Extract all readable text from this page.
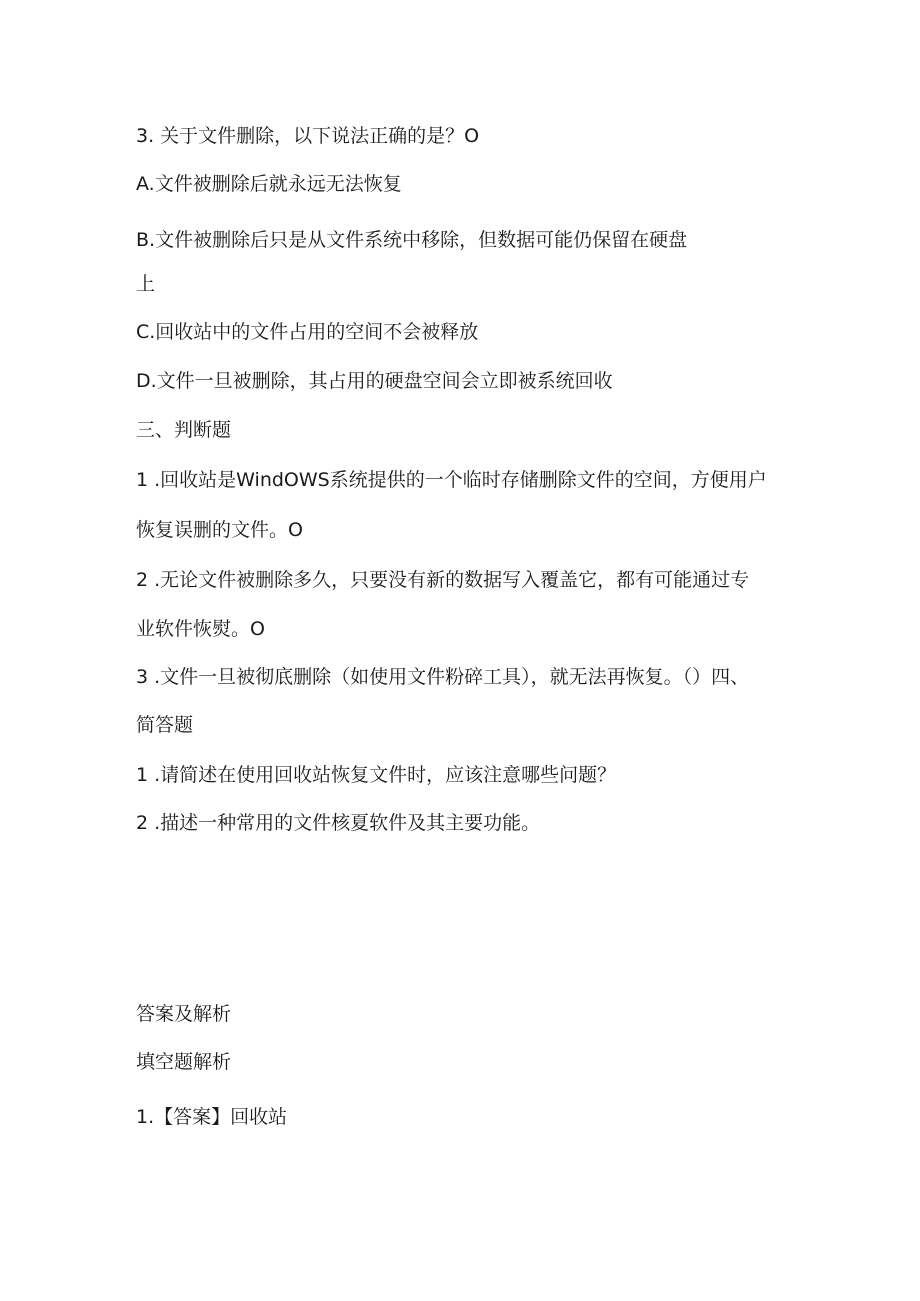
3. 关于文件删除，以下说法正确的是？O

A.文件被删除后就永远无法恢复

B.文件被删除后只是从文件系统中移除，但数据可能仍保留在硬盘

上

C.回收站中的文件占用的空间不会被释放

D.文件一旦被删除，其占用的硬盘空间会立即被系统回收

三、判断题

1 .回收站是WindOWS系统提供的一个临时存储删除文件的空间，方便用户

恢复误删的文件。O

2 .无论文件被删除多久，只要没有新的数据写入覆盖它，都有可能通过专

业软件恢熨。O

3 .文件一旦被彻底删除（如使用文件粉碎工具），就无法再恢复。（）四、

简答题

1 .请简述在使用回收站恢复文件时，应该注意哪些问题？

2 .描述一种常用的文件核夏软件及其主要功能。

答案及解析

填空题解析

1.【答案】回收站
